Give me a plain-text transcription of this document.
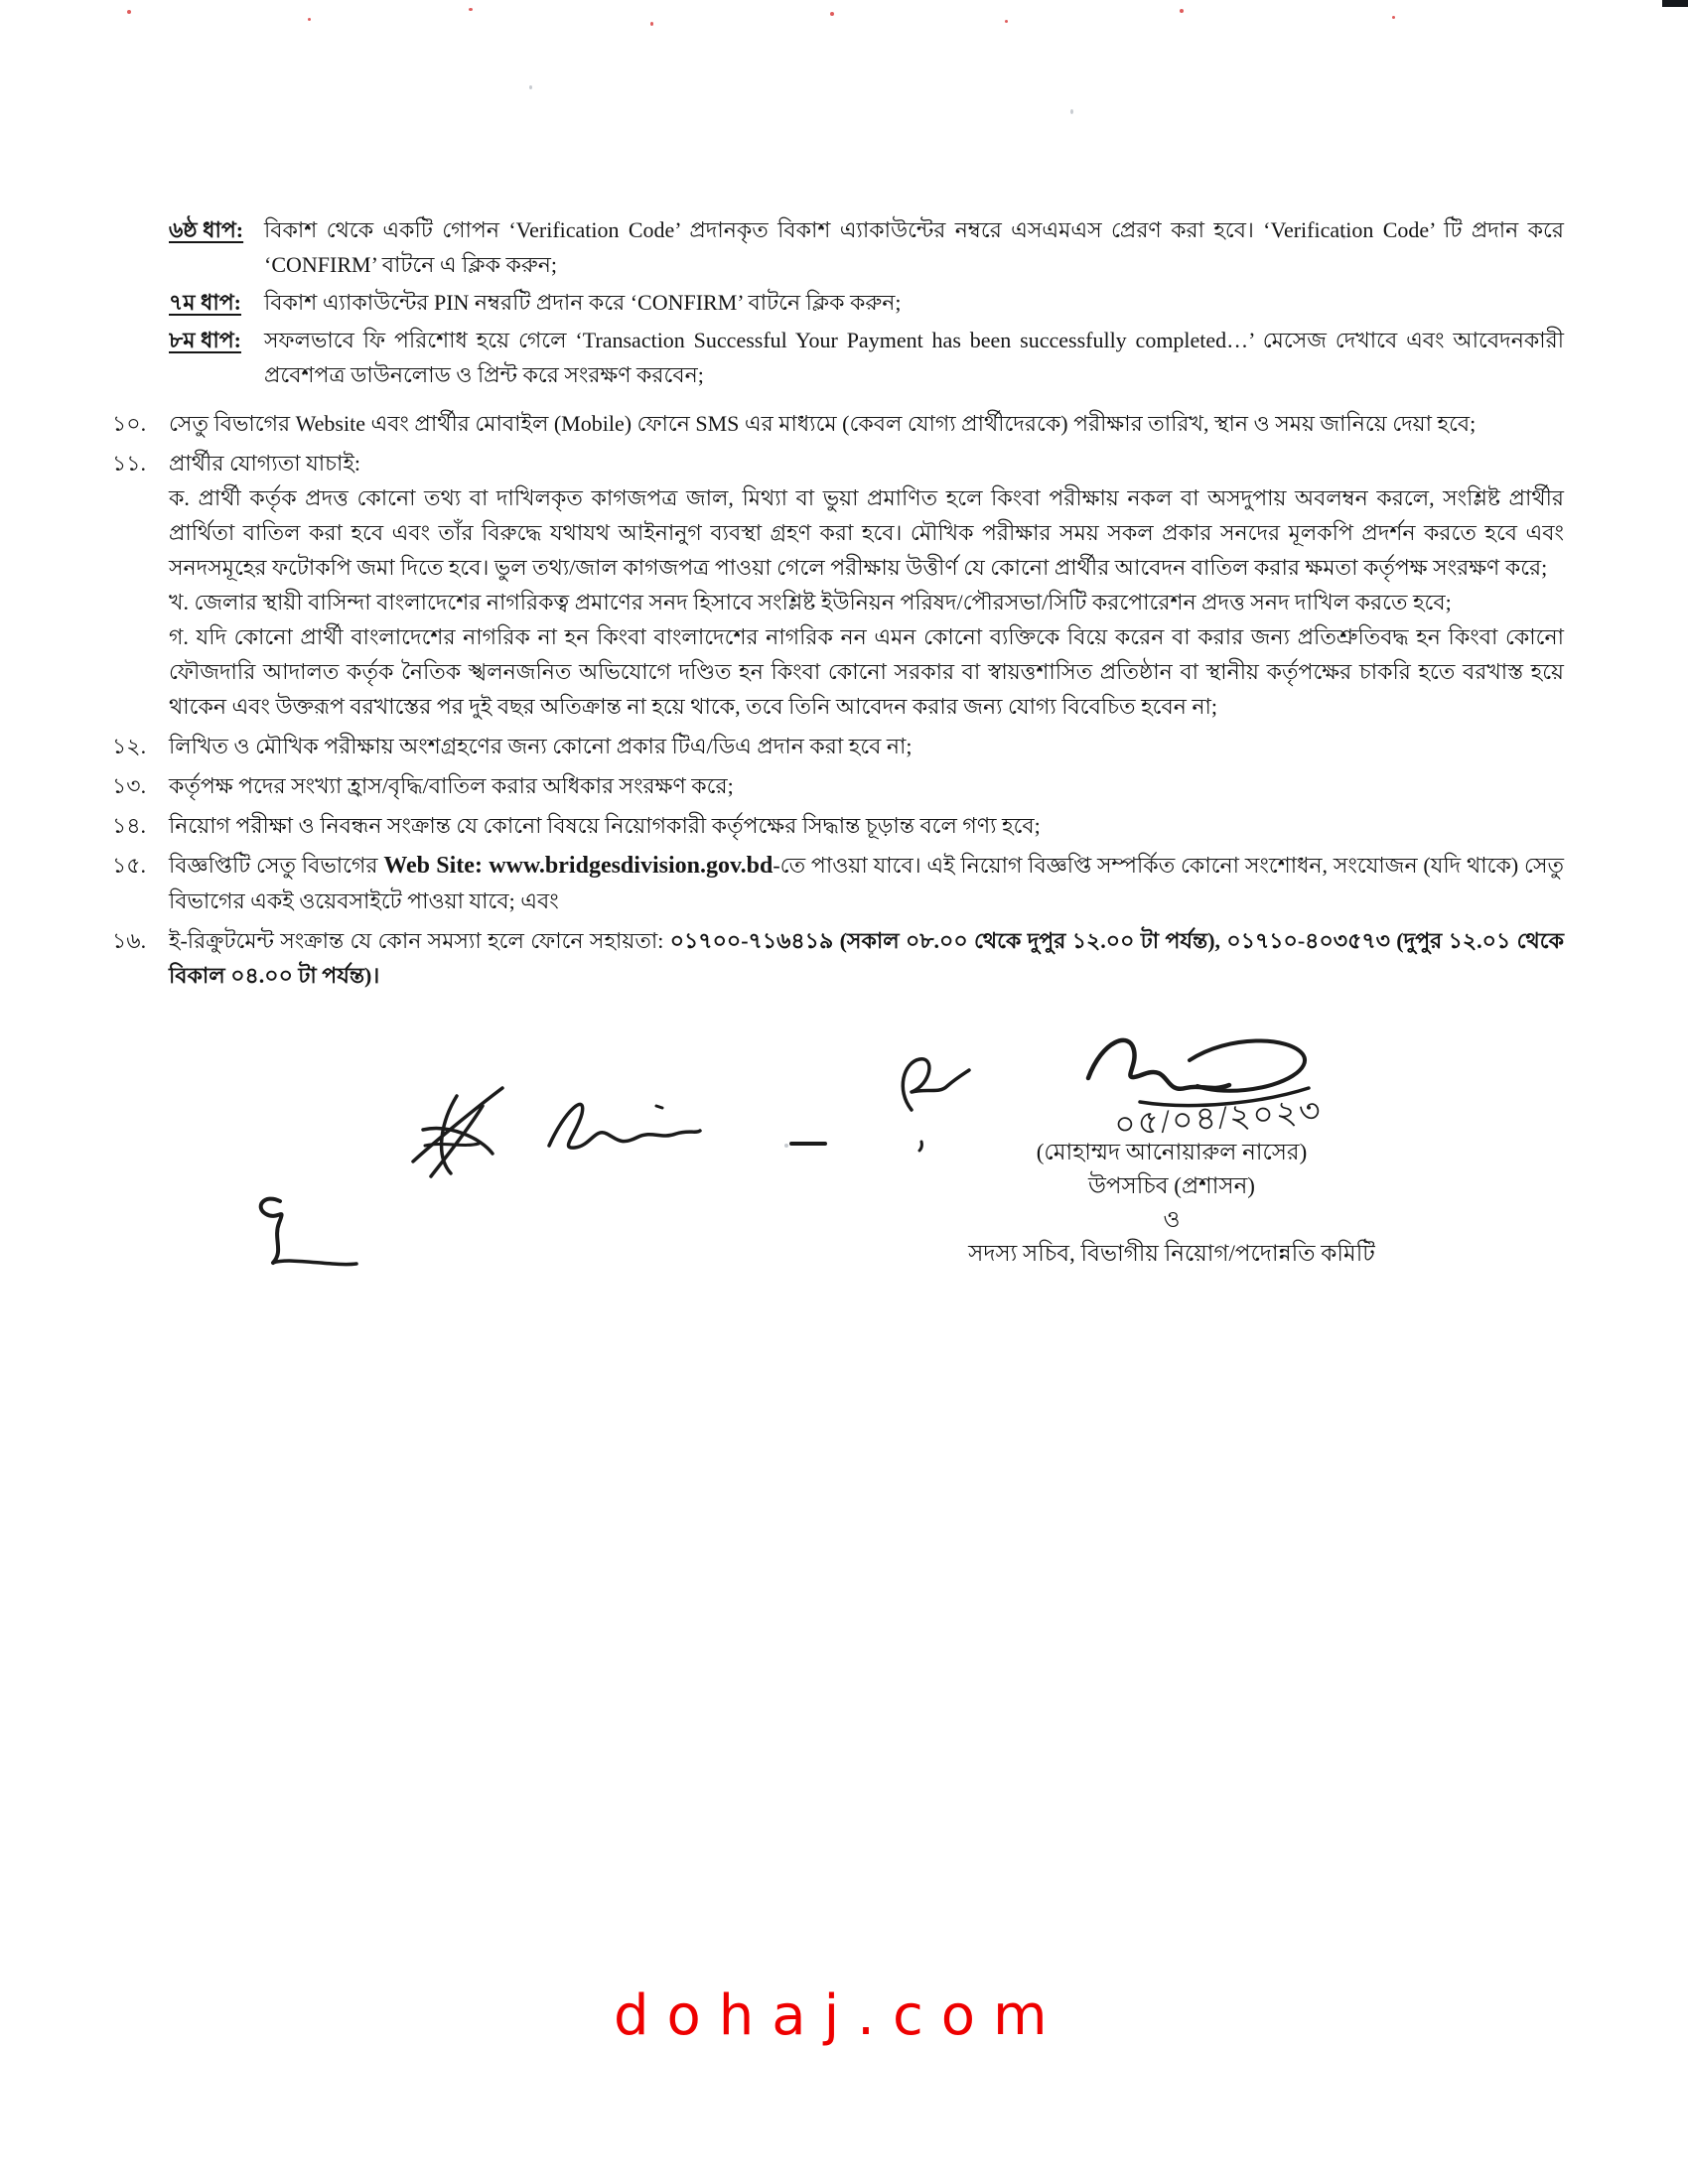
৬ষ্ঠ ধাপ: বিকাশ থেকে একটি গোপন ‘Verification Code’ প্রদানকৃত বিকাশ এ্যাকাউন্টের নম্বরে এসএমএস প্রেরণ করা হবে। ‘Verification Code’ টি প্রদান করে ‘CONFIRM’ বাটনে এ ক্লিক করুন;
৭ম ধাপ:	বিকাশ এ্যাকাউন্টের PIN নম্বরটি প্রদান করে ‘CONFIRM’ বাটনে ক্লিক করুন;
৮ম ধাপ:	সফলভাবে ফি পরিশোধ হয়ে গেলে ‘Transaction Successful Your Payment has been successfully completed…’ মেসেজ দেখাবে এবং আবেদনকারী প্রবেশপত্র ডাউনলোড ও প্রিন্ট করে সংরক্ষণ করবেন;
১০.	সেতু বিভাগের Website এবং প্রার্থীর মোবাইল (Mobile) ফোনে SMS এর মাধ্যমে (কেবল যোগ্য প্রার্থীদেরকে) পরীক্ষার তারিখ, স্থান ও সময় জানিয়ে দেয়া হবে;
১১.	প্রার্থীর যোগ্যতা যাচাই:
ক. প্রার্থী কর্তৃক প্রদত্ত কোনো তথ্য বা দাখিলকৃত কাগজপত্র জাল, মিথ্যা বা ভুয়া প্রমাণিত হলে কিংবা পরীক্ষায় নকল বা অসদুপায় অবলম্বন করলে, সংশ্লিষ্ট প্রার্থীর প্রার্থিতা বাতিল করা হবে এবং তাঁর বিরুদ্ধে যথাযথ আইনানুগ ব্যবস্থা গ্রহণ করা হবে। মৌখিক পরীক্ষার সময় সকল প্রকার সনদের মূলকপি প্রদর্শন করতে হবে এবং সনদসমূহের ফটোকপি জমা দিতে হবে। ভুল তথ্য/জাল কাগজপত্র পাওয়া গেলে পরীক্ষায় উত্তীর্ণ যে কোনো প্রার্থীর আবেদন বাতিল করার ক্ষমতা কর্তৃপক্ষ সংরক্ষণ করে;
খ. জেলার স্থায়ী বাসিন্দা বাংলাদেশের নাগরিকত্ব প্রমাণের সনদ হিসাবে সংশ্লিষ্ট ইউনিয়ন পরিষদ/পৌরসভা/সিটি করপোরেশন প্রদত্ত সনদ দাখিল করতে হবে;
গ. যদি কোনো প্রার্থী বাংলাদেশের নাগরিক না হন কিংবা বাংলাদেশের নাগরিক নন এমন কোনো ব্যক্তিকে বিয়ে করেন বা করার জন্য প্রতিশ্রুতিবদ্ধ হন কিংবা কোনো ফৌজদারি আদালত কর্তৃক নৈতিক স্খলনজনিত অভিযোগে দণ্ডিত হন কিংবা কোনো সরকার বা স্বায়ত্তশাসিত প্রতিষ্ঠান বা স্থানীয় কর্তৃপক্ষের চাকরি হতে বরখাস্ত হয়ে থাকেন এবং উক্তরূপ বরখাস্তের পর দুই বছর অতিক্রান্ত না হয়ে থাকে, তবে তিনি আবেদন করার জন্য যোগ্য বিবেচিত হবেন না;
১২.	লিখিত ও মৌখিক পরীক্ষায় অংশগ্রহণের জন্য কোনো প্রকার টিএ/ডিএ প্রদান করা হবে না;
১৩.	কর্তৃপক্ষ পদের সংখ্যা হ্রাস/বৃদ্ধি/বাতিল করার অধিকার সংরক্ষণ করে;
১৪.	নিয়োগ পরীক্ষা ও নিবন্ধন সংক্রান্ত যে কোনো বিষয়ে নিয়োগকারী কর্তৃপক্ষের সিদ্ধান্ত চূড়ান্ত বলে গণ্য হবে;
১৫.	বিজ্ঞপ্তিটি সেতু বিভাগের Web Site: www.bridgesdivision.gov.bd-তে পাওয়া যাবে। এই নিয়োগ বিজ্ঞপ্তি সম্পর্কিত কোনো সংশোধন, সংযোজন (যদি থাকে) সেতু বিভাগের একই ওয়েবসাইটে পাওয়া যাবে; এবং
১৬.	ই-রিক্রুটমেন্ট সংক্রান্ত যে কোন সমস্যা হলে ফোনে সহায়তা: ০১৭০০-৭১৬৪১৯ (সকাল ০৮.০০ থেকে দুপুর ১২.০০ টা পর্যন্ত), ০১৭১০-৪০৩৫৭৩ (দুপুর ১২.০১ থেকে বিকাল ০৪.০০ টা পর্যন্ত)।
০৫/০৪/২০২৩
(মোহাম্মদ আনোয়ারুল নাসের)
উপসচিব (প্রশাসন)
ও
সদস্য সচিব, বিভাগীয় নিয়োগ/পদোন্নতি কমিটি
dohaj.com
